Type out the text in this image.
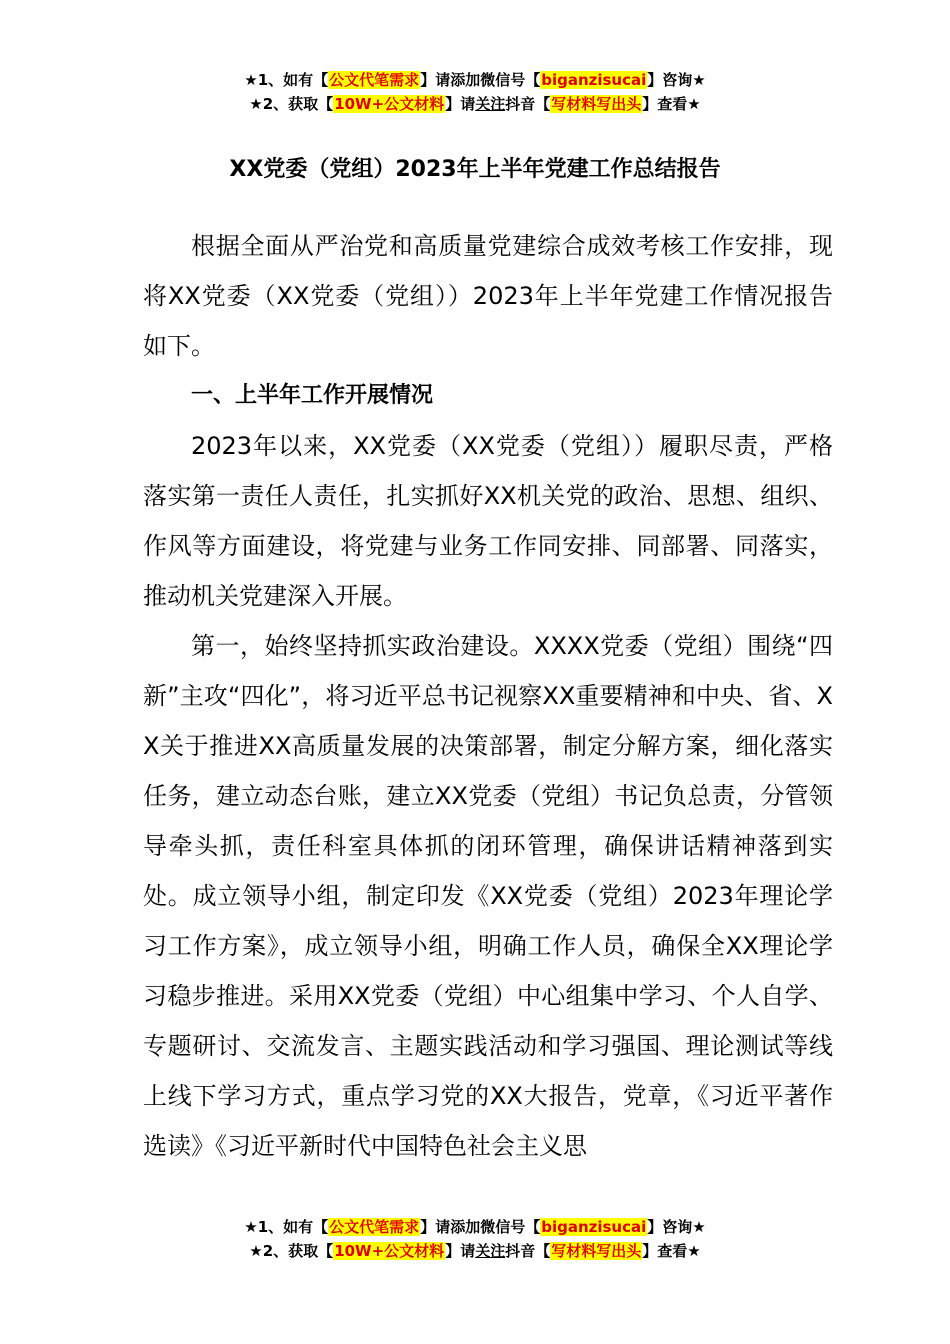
★1、如有【公文代笔需求】请添加微信号【biganzisucai】咨询★
★2、获取【10W+公文材料】请关注抖音【写材料写出头】查看★
XX党委（党组）2023年上半年党建工作总结报告

根据全面从严治党和高质量党建综合成效考核工作安排，现将XX党委（XX党委（党组））2023年上半年党建工作情况报告如下。

一、上半年工作开展情况

2023年以来，XX党委（XX党委（党组））履职尽责，严格落实第一责任人责任，扎实抓好XX机关党的政治、思想、组织、作风等方面建设，将党建与业务工作同安排、同部署、同落实，推动机关党建深入开展。

第一，始终坚持抓实政治建设。XXXX党委（党组）围绕“四新”主攻“四化”，将习近平总书记视察XX重要精神和中央、省、XX关于推进XX高质量发展的决策部署，制定分解方案，细化落实任务，建立动态台账，建立XX党委（党组）书记负总责，分管领导牵头抓，责任科室具体抓的闭环管理，确保讲话精神落到实处。成立领导小组，制定印发《XX党委（党组）2023年理论学习工作方案》，成立领导小组，明确工作人员，确保全XX理论学习稳步推进。采用XX党委（党组）中心组集中学习、个人自学、专题研讨、交流发言、主题实践活动和学习强国、理论测试等线上线下学习方式，重点学习党的XX大报告，党章，《习近平著作选读》《习近平新时代中国特色社会主义思

★1、如有【公文代笔需求】请添加微信号【biganzisucai】咨询★
★2、获取【10W+公文材料】请关注抖音【写材料写出头】查看★
